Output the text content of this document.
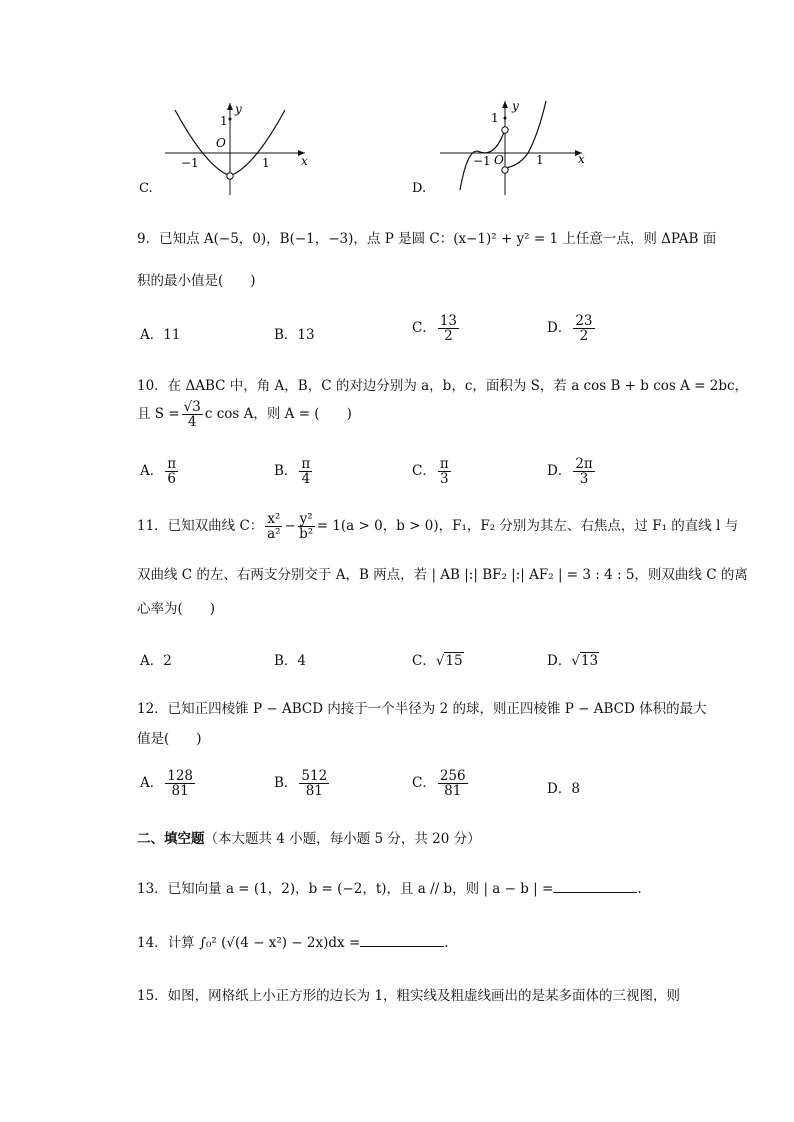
y
x
1
O
−1	1
C.
y
x
1
O
−1	1
D.
9．已知点 A(−5，0)，B(−1，−3)，点 P 是圆 C：(x−1)² + y² = 1 上任意一点，则 ΔPAB 面
积的最小值是(　　)
A．11	B．13	C． $\frac{13}{2}$	D． $\frac{23}{2}$
10．在 ΔABC 中，角 A，B，C 的对边分别为 a，b，c，面积为 S，若 a cos B + b cos A = 2bc，
且 $S = \frac{√3}{4}$ c cos A，则 A = (　　)
A． $\frac{\pi}{6}$	B． $\frac{\pi}{4}$	C． $\frac{\pi}{3}$	D． $\frac{2\pi}{3}$
11．已知双曲线 C： $\frac{\text{x²}}{\text{a²}} - \frac{\text{y²}}{\text{b²}} = 1(a > 0$，b > 0)，F₁，F₂ 分别为其左、右焦点，过 F₁ 的直线 l 与
双曲线 C 的左、右两支分别交于 A，B 两点，若 | AB |:| BF₂ |:| AF₂ | = 3 : 4 : 5，则双曲线 C 的离
心率为(　　)
A．2	B．4	C．√15	D．√13
12．已知正四棱锥 P − ABCD 内接于一个半径为 2 的球，则正四棱锥 P − ABCD 体积的最大
值是(　　)
A． $\frac{128}{81}$	B． $\frac{512}{81}$	C． $\frac{256}{81}$	D．8
二、填空题（本大题共 4 小题，每小题 5 分，共 20 分）
13．已知向量 a = (1，2)，b = (−2，t)，且 a // b，则 | a − b | =	.
14．计算 ∫₀² (√(4 − x²) − 2x)dx =	.
15．如图，网格纸上小正方形的边长为 1，粗实线及粗虚线画出的是某多面体的三视图，则
